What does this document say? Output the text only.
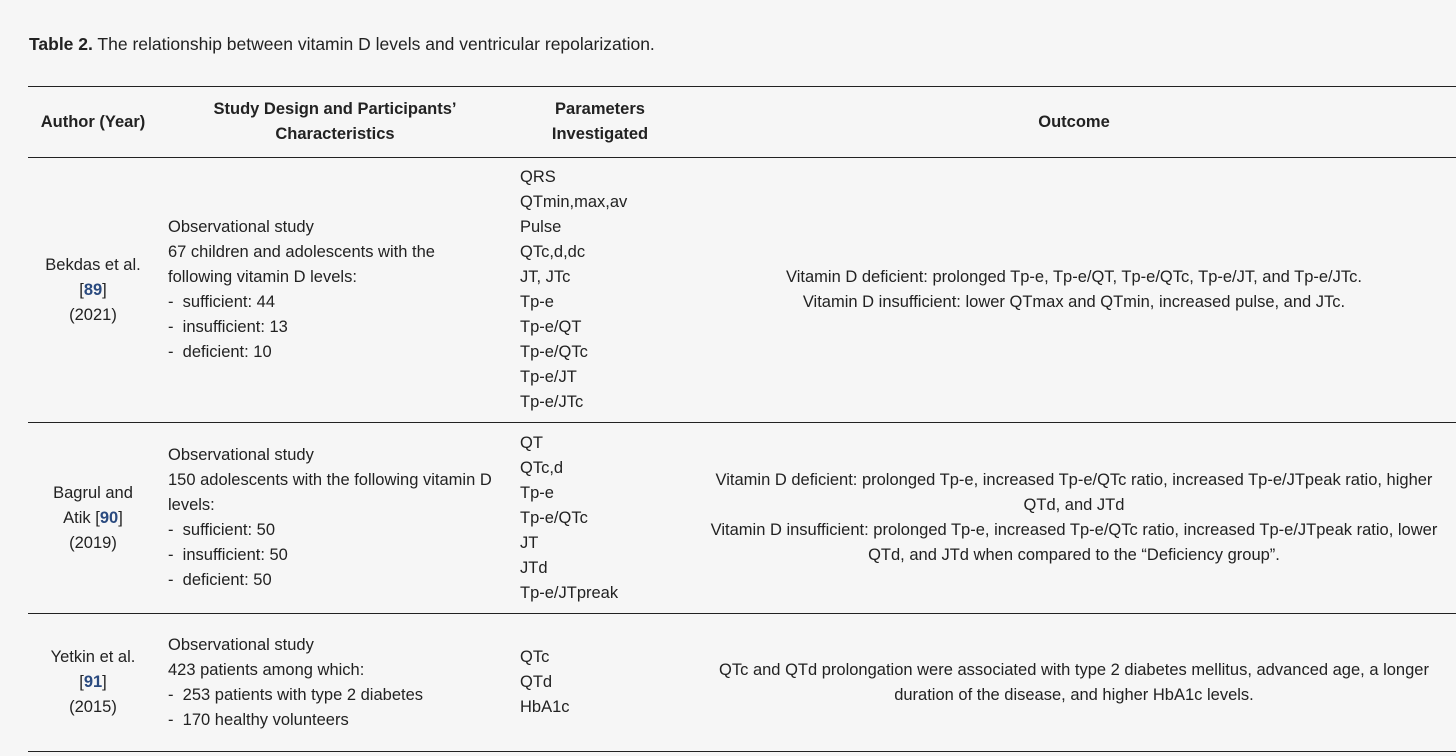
Table 2. The relationship between vitamin D levels and ventricular repolarization.
Author (Year)
Study Design and Participants’
Characteristics
Parameters
Investigated
Outcome
Bekdas et al.
[89]
(2021)
Observational study
67 children and adolescents with the
following vitamin D levels:
-  sufficient: 44
-  insufficient: 13
-  deficient: 10
QRS
QTmin,max,av
Pulse
QTc,d,dc
JT, JTc
Tp-e
Tp-e/QT
Tp-e/QTc
Tp-e/JT
Tp-e/JTc
Vitamin D deficient: prolonged Tp-e, Tp-e/QT, Tp-e/QTc, Tp-e/JT, and Tp-e/JTc.
Vitamin D insufficient: lower QTmax and QTmin, increased pulse, and JTc.
Bagrul and
Atik [90]
(2019)
Observational study
150 adolescents with the following vitamin D
levels:
-  sufficient: 50
-  insufficient: 50
-  deficient: 50
QT
QTc,d
Tp-e
Tp-e/QTc
JT
JTd
Tp-e/JTpreak
Vitamin D deficient: prolonged Tp-e, increased Tp-e/QTc ratio, increased Tp-e/JTpeak ratio, higher
QTd, and JTd
Vitamin D insufficient: prolonged Tp-e, increased Tp-e/QTc ratio, increased Tp-e/JTpeak ratio, lower
QTd, and JTd when compared to the “Deficiency group”.
Yetkin et al.
[91]
(2015)
Observational study
423 patients among which:
-  253 patients with type 2 diabetes
-  170 healthy volunteers
QTc
QTd
HbA1c
QTc and QTd prolongation were associated with type 2 diabetes mellitus, advanced age, a longer
duration of the disease, and higher HbA1c levels.
